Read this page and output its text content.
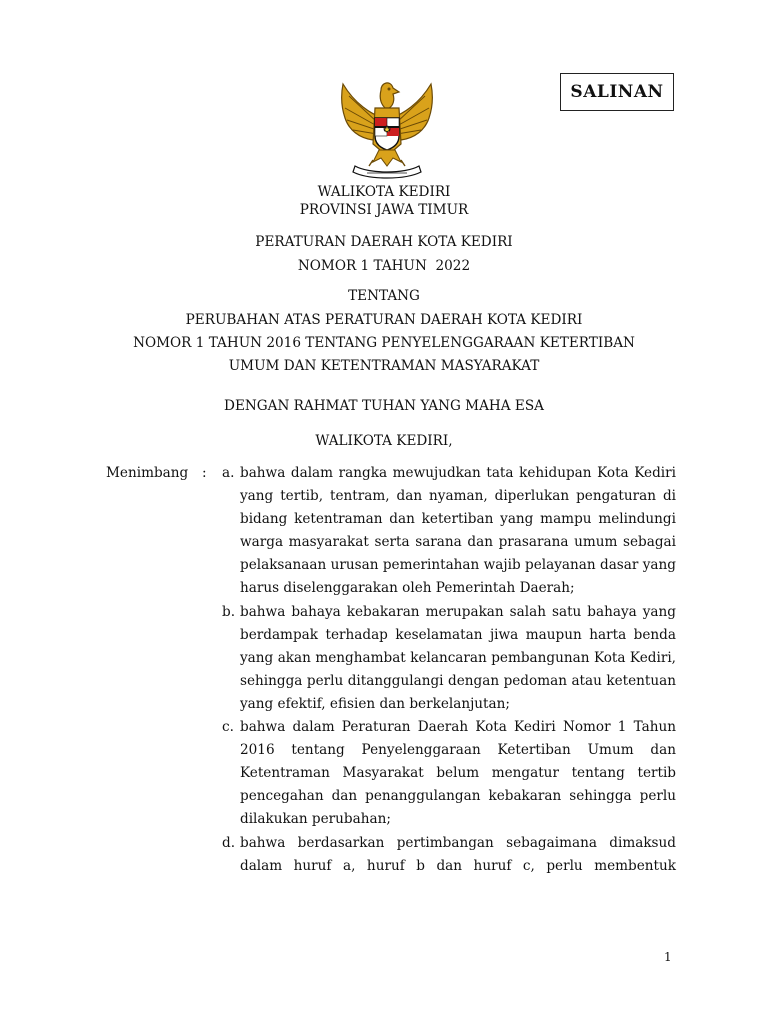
SALINAN
WALIKOTA KEDIRI
PROVINSI JAWA TIMUR
PERATURAN DAERAH KOTA KEDIRI
NOMOR 1 TAHUN  2022
TENTANG
PERUBAHAN ATAS PERATURAN DAERAH KOTA KEDIRI
NOMOR 1 TAHUN 2016 TENTANG PENYELENGGARAAN KETERTIBAN
UMUM DAN KETENTRAMAN MASYARAKAT
DENGAN RAHMAT TUHAN YANG MAHA ESA
WALIKOTA KEDIRI,
Menimbang : a. bahwa dalam rangka mewujudkan tata kehidupan Kota Kediri yang tertib, tentram, dan nyaman, diperlukan pengaturan di bidang ketentraman dan ketertiban yang mampu melindungi warga masyarakat serta sarana dan prasarana umum sebagai pelaksanaan urusan pemerintahan wajib pelayanan dasar yang harus diselenggarakan oleh Pemerintah Daerah;
b. bahwa bahaya kebakaran merupakan salah satu bahaya yang berdampak terhadap keselamatan jiwa maupun harta benda yang akan menghambat kelancaran pembangunan Kota Kediri, sehingga perlu ditanggulangi dengan pedoman atau ketentuan yang efektif, efisien dan berkelanjutan;
c. bahwa dalam Peraturan Daerah Kota Kediri Nomor 1 Tahun 2016 tentang Penyelenggaraan Ketertiban Umum dan Ketentraman Masyarakat belum mengatur tentang tertib pencegahan dan penanggulangan kebakaran sehingga perlu dilakukan perubahan;
d. bahwa berdasarkan pertimbangan sebagaimana dimaksud dalam huruf a, huruf b dan huruf c, perlu membentuk
1
